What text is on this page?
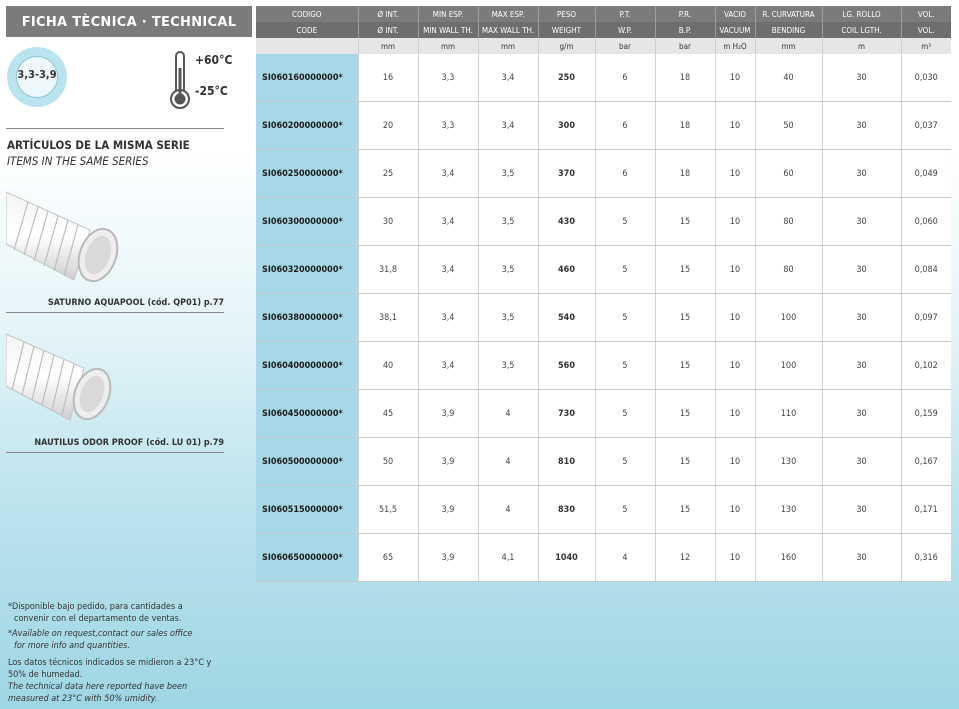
FICHA TÈCNICA · TECHNICAL DATA
3,3-3,9
+60°C
-25°C
ARTÍCULOS DE LA MISMA SERIE
ITEMS IN THE SAME SERIES
SATURNO AQUAPOOL (cód. QP01) p.77
NAUTILUS ODOR PROOF (cód. LU 01) p.79
*Disponible bajo pedido, para cantidades a
convenir con el departamento de ventas.
*Available on request,contact our sales office
for more info and quantities.
Los datos técnicos indicados se midieron a 23°C y
50% de humedad.
The technical data here reported have been
measured at 23°C with 50% umidity.
CODIGO	Ø INT.	MIN ESP.	MAX ESP.	PESO	P.T.	P.R.	VACIO	R. CURVATURA	LG. ROLLO	VOL.
CODE	Ø INT.	MIN WALL TH.	MAX WALL TH.	WEIGHT	W.P.	B.P.	VACUUM	BENDING	COIL LGTH.	VOL.
	mm	mm	mm	g/m	bar	bar	m H₂O	mm	m	m³
SI060160000000*	16	3,3	3,4	250	6	18	10	40	30	0,030
SI060200000000*	20	3,3	3,4	300	6	18	10	50	30	0,037
SI060250000000*	25	3,4	3,5	370	6	18	10	60	30	0,049
SI060300000000*	30	3,4	3,5	430	5	15	10	80	30	0,060
SI060320000000*	31,8	3,4	3,5	460	5	15	10	80	30	0,084
SI060380000000*	38,1	3,4	3,5	540	5	15	10	100	30	0,097
SI060400000000*	40	3,4	3,5	560	5	15	10	100	30	0,102
SI060450000000*	45	3,9	4	730	5	15	10	110	30	0,159
SI060500000000*	50	3,9	4	810	5	15	10	130	30	0,167
SI060515000000*	51,5	3,9	4	830	5	15	10	130	30	0,171
SI060650000000*	65	3,9	4,1	1040	4	12	10	160	30	0,316
